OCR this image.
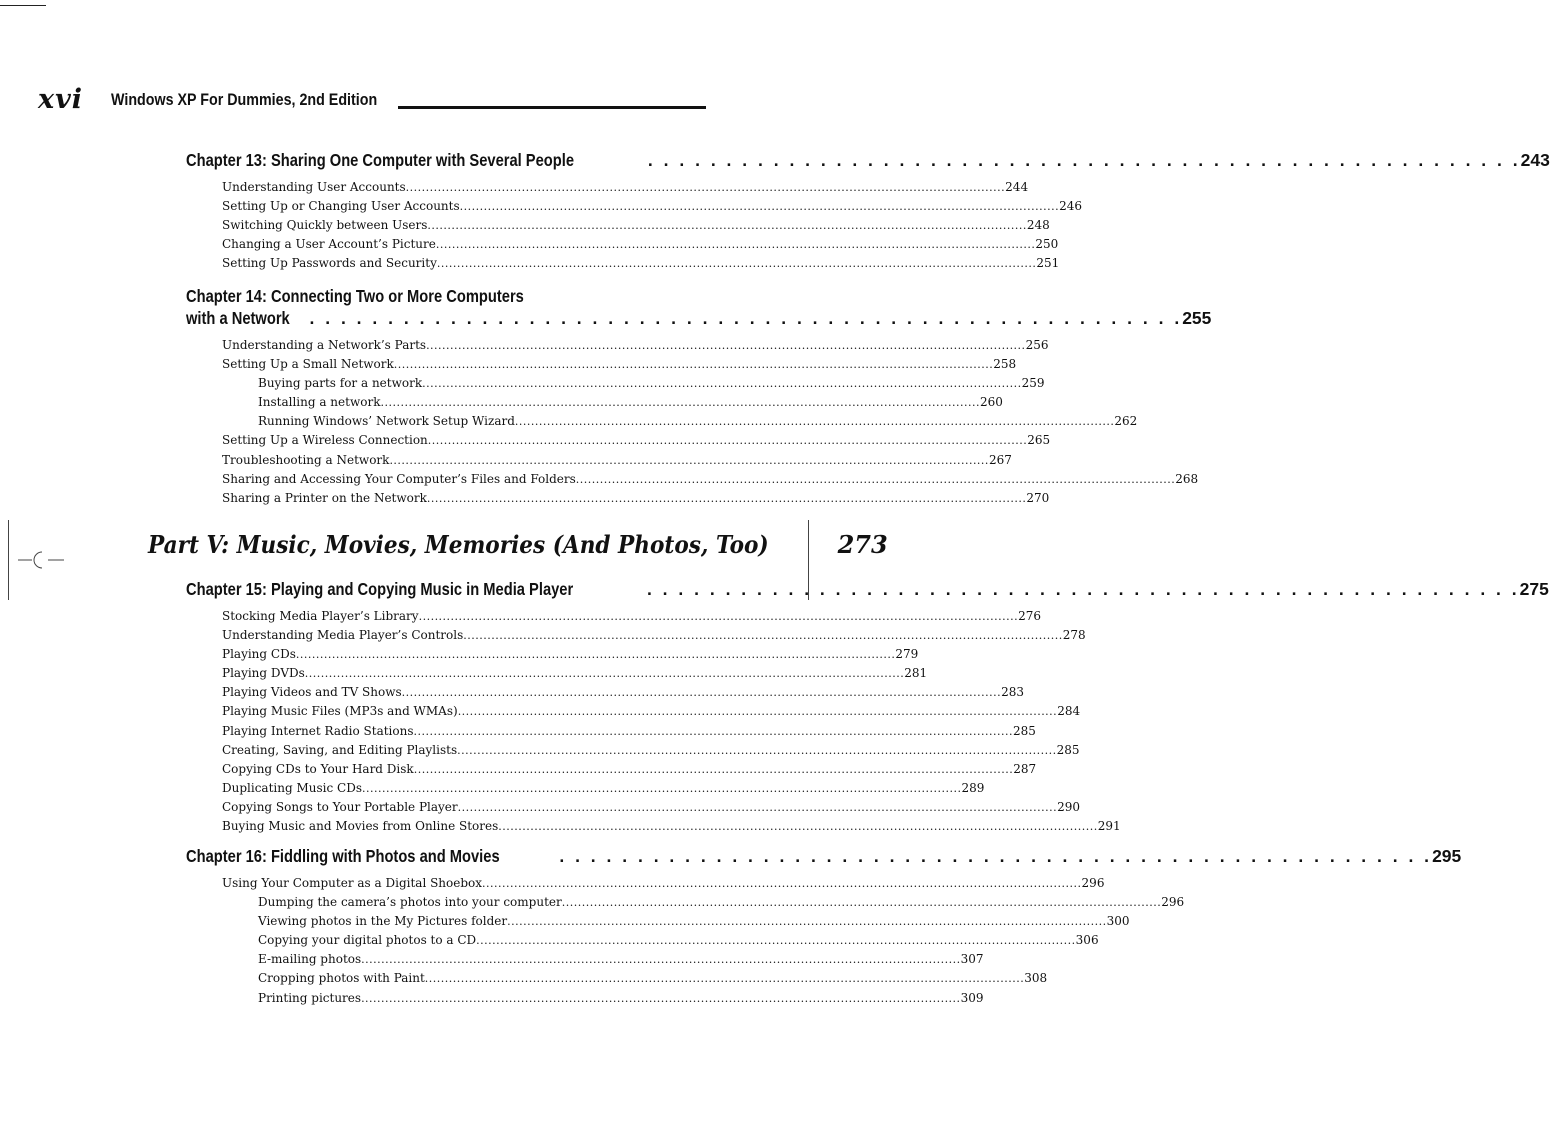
xvi Windows XP For Dummies, 2nd Edition
Chapter 13: Sharing One Computer with Several People . . .	243
Understanding User Accounts .....	244
Setting Up or Changing User Accounts .....	246
Switching Quickly between Users .....	248
Changing a User Account’s Picture .....	250
Setting Up Passwords and Security .....	251
Chapter 14: Connecting Two or More Computers
with a Network . . .	255
Understanding a Network’s Parts .....	256
Setting Up a Small Network .....	258
Buying parts for a network .....	259
Installing a network .....	260
Running Windows’ Network Setup Wizard .....	262
Setting Up a Wireless Connection .....	265
Troubleshooting a Network .....	267
Sharing and Accessing Your Computer’s Files and Folders .....	268
Sharing a Printer on the Network .....	270
Part V: Music, Movies, Memories (And Photos, Too)	273
Chapter 15: Playing and Copying Music in Media Player . . .	275
Stocking Media Player’s Library .....	276
Understanding Media Player’s Controls .....	278
Playing CDs .....	279
Playing DVDs .....	281
Playing Videos and TV Shows .....	283
Playing Music Files (MP3s and WMAs) .....	284
Playing Internet Radio Stations .....	285
Creating, Saving, and Editing Playlists .....	285
Copying CDs to Your Hard Disk .....	287
Duplicating Music CDs .....	289
Copying Songs to Your Portable Player .....	290
Buying Music and Movies from Online Stores .....	291
Chapter 16: Fiddling with Photos and Movies . . .	295
Using Your Computer as a Digital Shoebox .....	296
Dumping the camera’s photos into your computer .....	296
Viewing photos in the My Pictures folder .....	300
Copying your digital photos to a CD .....	306
E-mailing photos .....	307
Cropping photos with Paint .....	308
Printing pictures .....	309
